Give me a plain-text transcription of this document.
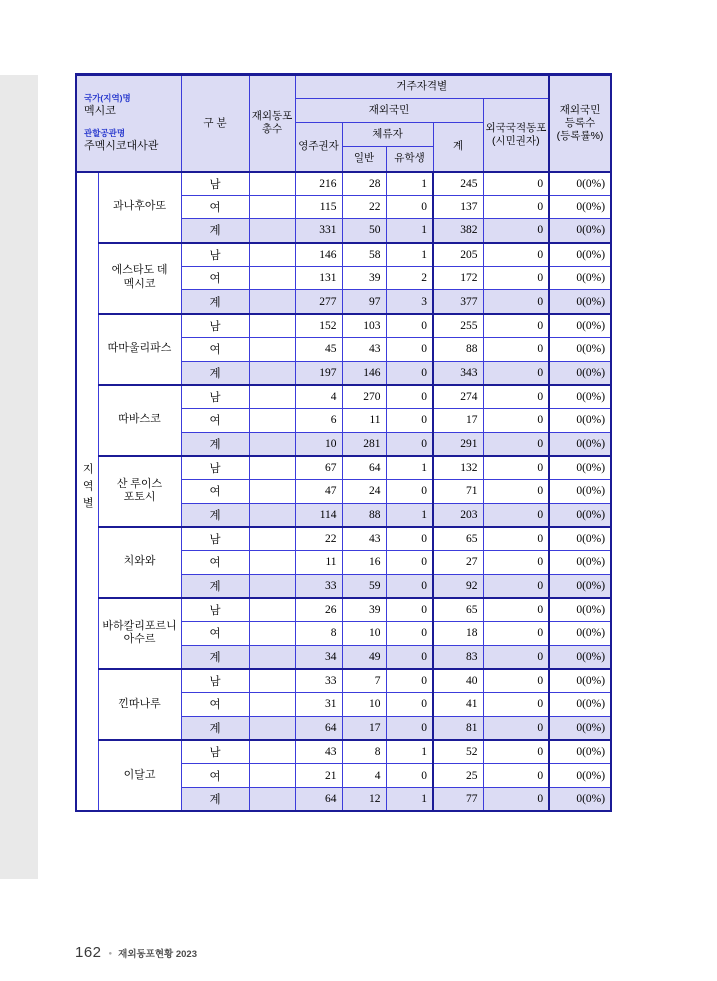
국가(지역)명
멕시코
관할공관명
주멕시코대사관		구 분	재외동포 총수	거주자격별					재외국민 등록수 (등록률%)
				재외국민				외국국적동포 (시민권자)	
				영주권자	체류자		계		
					일반	유학생			
지역별	과나후아또	남		216	28	1	245	0	0(0%)
		여		115	22	0	137	0	0(0%)
		계		331	50	1	382	0	0(0%)
	에스타도 데 멕시코	남		146	58	1	205	0	0(0%)
		여		131	39	2	172	0	0(0%)
		계		277	97	3	377	0	0(0%)
	따마울리파스	남		152	103	0	255	0	0(0%)
		여		45	43	0	88	0	0(0%)
		계		197	146	0	343	0	0(0%)
	따바스코	남		4	270	0	274	0	0(0%)
		여		6	11	0	17	0	0(0%)
		계		10	281	0	291	0	0(0%)
	산 루이스 포토시	남		67	64	1	132	0	0(0%)
		여		47	24	0	71	0	0(0%)
		계		114	88	1	203	0	0(0%)
	치와와	남		22	43	0	65	0	0(0%)
		여		11	16	0	27	0	0(0%)
		계		33	59	0	92	0	0(0%)
	바하칼리포르니아수르	남		26	39	0	65	0	0(0%)
		여		8	10	0	18	0	0(0%)
		계		34	49	0	83	0	0(0%)
	낀따나루	남		33	7	0	40	0	0(0%)
		여		31	10	0	41	0	0(0%)
		계		64	17	0	81	0	0(0%)
	이달고	남		43	8	1	52	0	0(0%)
		여		21	4	0	25	0	0(0%)
		계		64	12	1	77	0	0(0%)
162 ● 재외동포현황 2023
